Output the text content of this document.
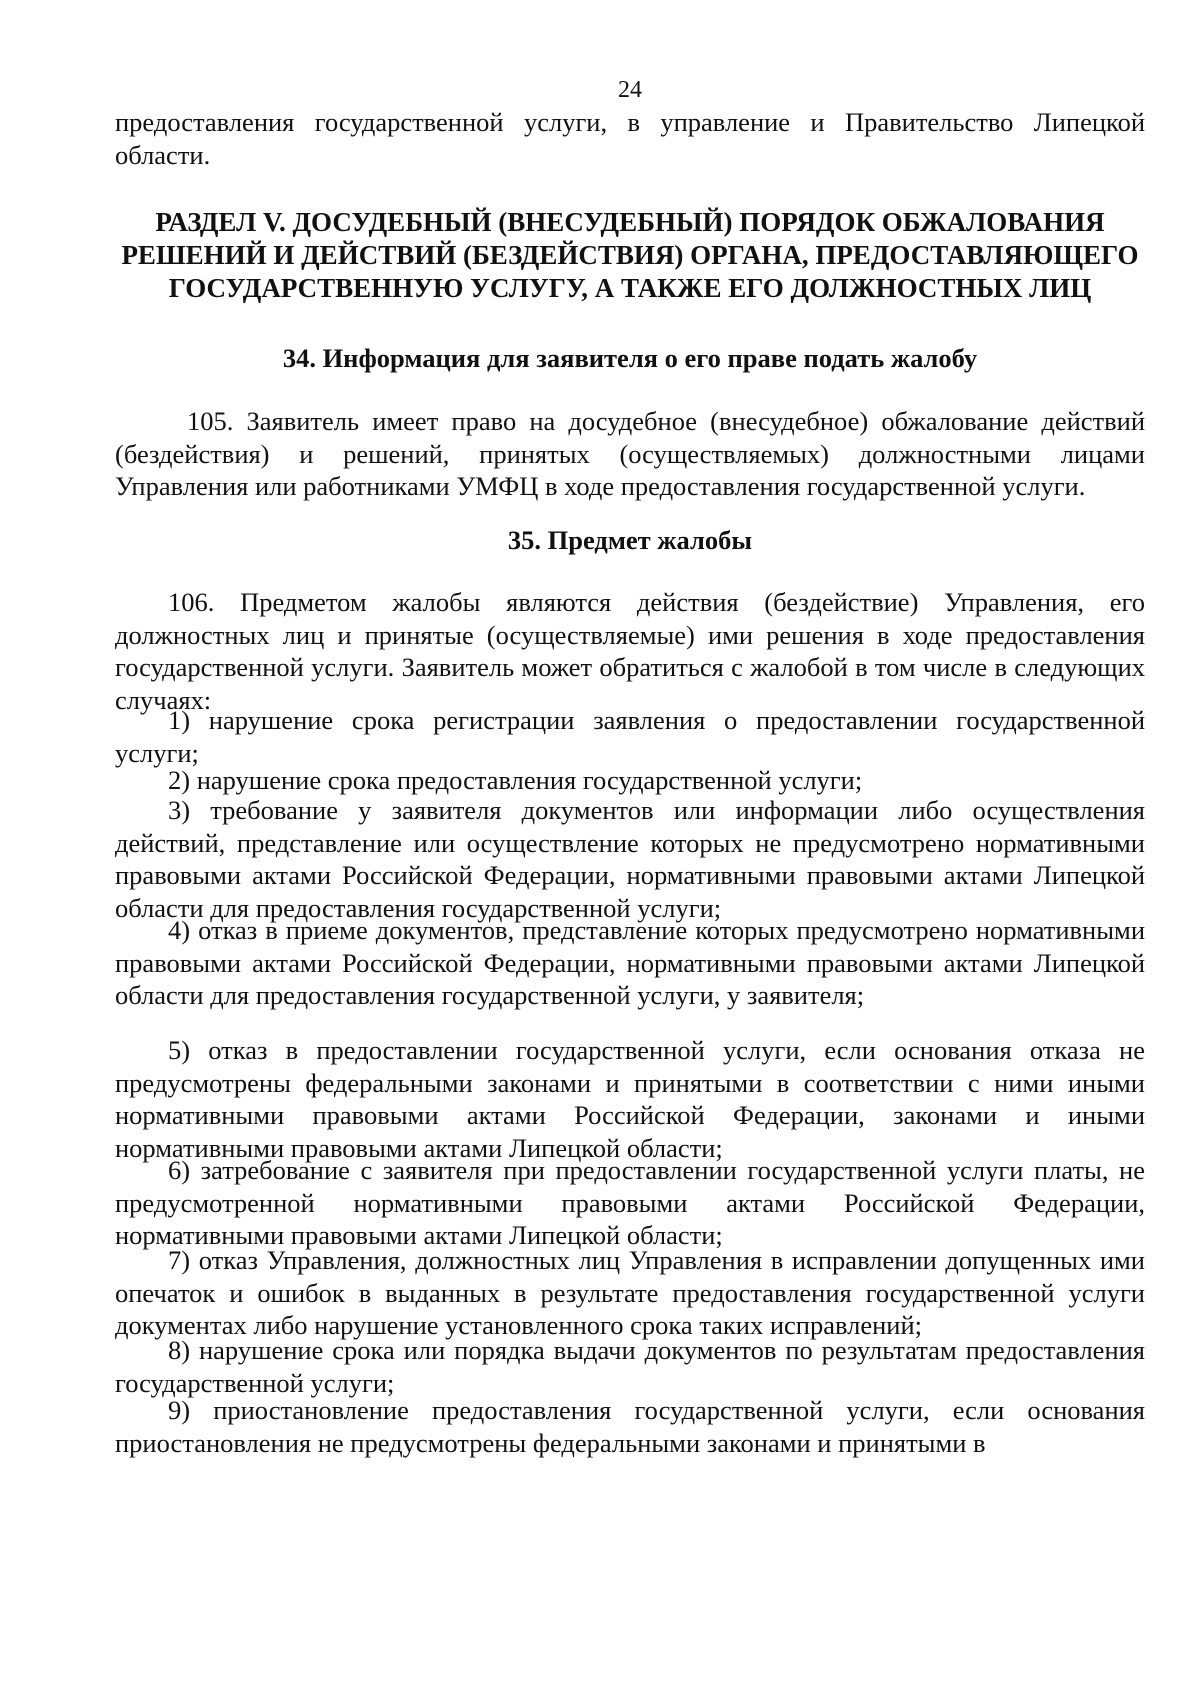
24

предоставления государственной услуги, в управление и Правительство Липецкой области.

РАЗДЕЛ V. ДОСУДЕБНЫЙ (ВНЕСУДЕБНЫЙ) ПОРЯДОК ОБЖАЛОВАНИЯ РЕШЕНИЙ И ДЕЙСТВИЙ (БЕЗДЕЙСТВИЯ) ОРГАНА, ПРЕДОСТАВЛЯЮЩЕГО ГОСУДАРСТВЕННУЮ УСЛУГУ, А ТАКЖЕ ЕГО ДОЛЖНОСТНЫХ ЛИЦ
34. Информация для заявителя о его праве подать жалобу

105. Заявитель имеет право на досудебное (внесудебное) обжалование действий (бездействия) и решений, принятых (осуществляемых) должностными лицами Управления или работниками УМФЦ в ходе предоставления государственной услуги.

35. Предмет жалобы

106. Предметом жалобы являются действия (бездействие) Управления, его должностных лиц и принятые (осуществляемые) ими решения в ходе предоставления государственной услуги. Заявитель может обратиться с жалобой в том числе в следующих случаях:

1) нарушение срока регистрации заявления о предоставлении государственной услуги;

2) нарушение срока предоставления государственной услуги;

3) требование у заявителя документов или информации либо осуществления действий, представление или осуществление которых не предусмотрено нормативными правовыми актами Российской Федерации, нормативными правовыми актами Липецкой области для предоставления государственной услуги;

4) отказ в приеме документов, представление которых предусмотрено нормативными правовыми актами Российской Федерации, нормативными правовыми актами Липецкой области для предоставления государственной услуги, у заявителя;

5) отказ в предоставлении государственной услуги, если основания отказа не предусмотрены федеральными законами и принятыми в соответствии с ними иными нормативными правовыми актами Российской Федерации, законами и иными нормативными правовыми актами Липецкой области;

6) затребование с заявителя при предоставлении государственной услуги платы, не предусмотренной нормативными правовыми актами Российской Федерации, нормативными правовыми актами Липецкой области;

7) отказ Управления, должностных лиц Управления в исправлении допущенных ими опечаток и ошибок в выданных в результате предоставления государственной услуги документах либо нарушение установленного срока таких исправлений;

8) нарушение срока или порядка выдачи документов по результатам предоставления государственной услуги;

9) приостановление предоставления государственной услуги, если основания приостановления не предусмотрены федеральными законами и принятыми в
